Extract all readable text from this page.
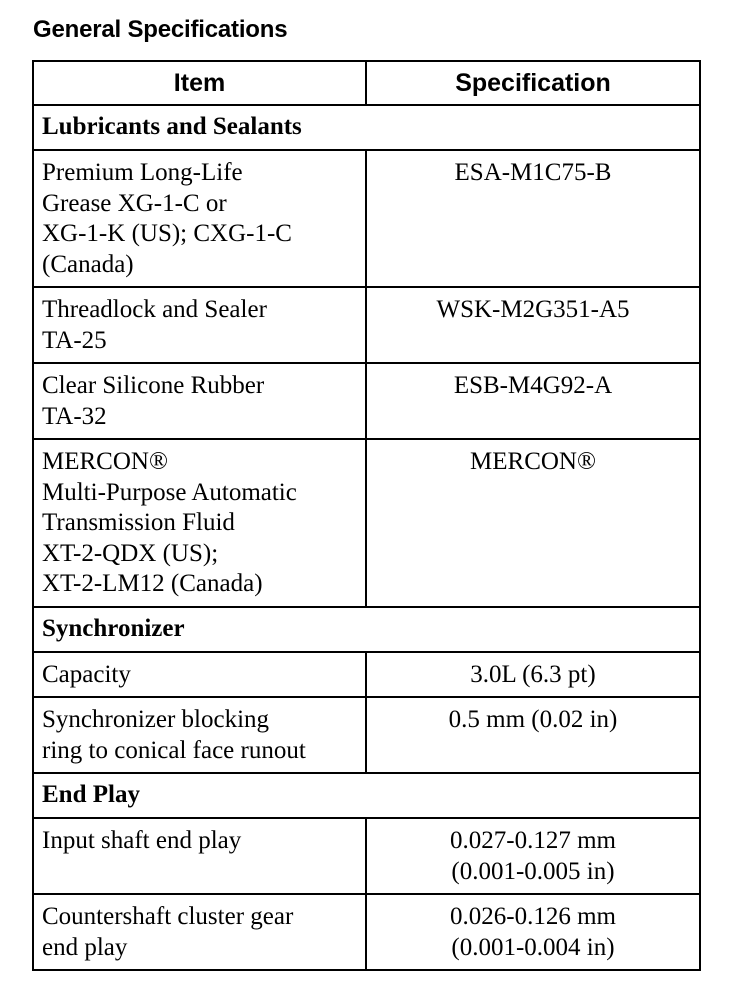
General Specifications
Item	Specification
Lubricants and Sealants	

Premium Long-Life
Grease XG-1-C or
XG-1-K (US); CXG-1-C
(Canada)	ESA-M1C75-B

Threadlock and Sealer
TA-25	WSK-M2G351-A5

Clear Silicone Rubber
TA-32	ESB-M4G92-A

MERCON®
Multi-Purpose Automatic
Transmission Fluid
XT-2-QDX (US);
XT-2-LM12 (Canada)	MERCON®

Synchronizer	

Capacity	3.0L (6.3 pt)

Synchronizer blocking
ring to conical face runout	0.5 mm (0.02 in)

End Play	

Input shaft end play	0.027-0.127 mm
(0.001-0.005 in)

Countershaft cluster gear
end play	0.026-0.126 mm
(0.001-0.004 in)
